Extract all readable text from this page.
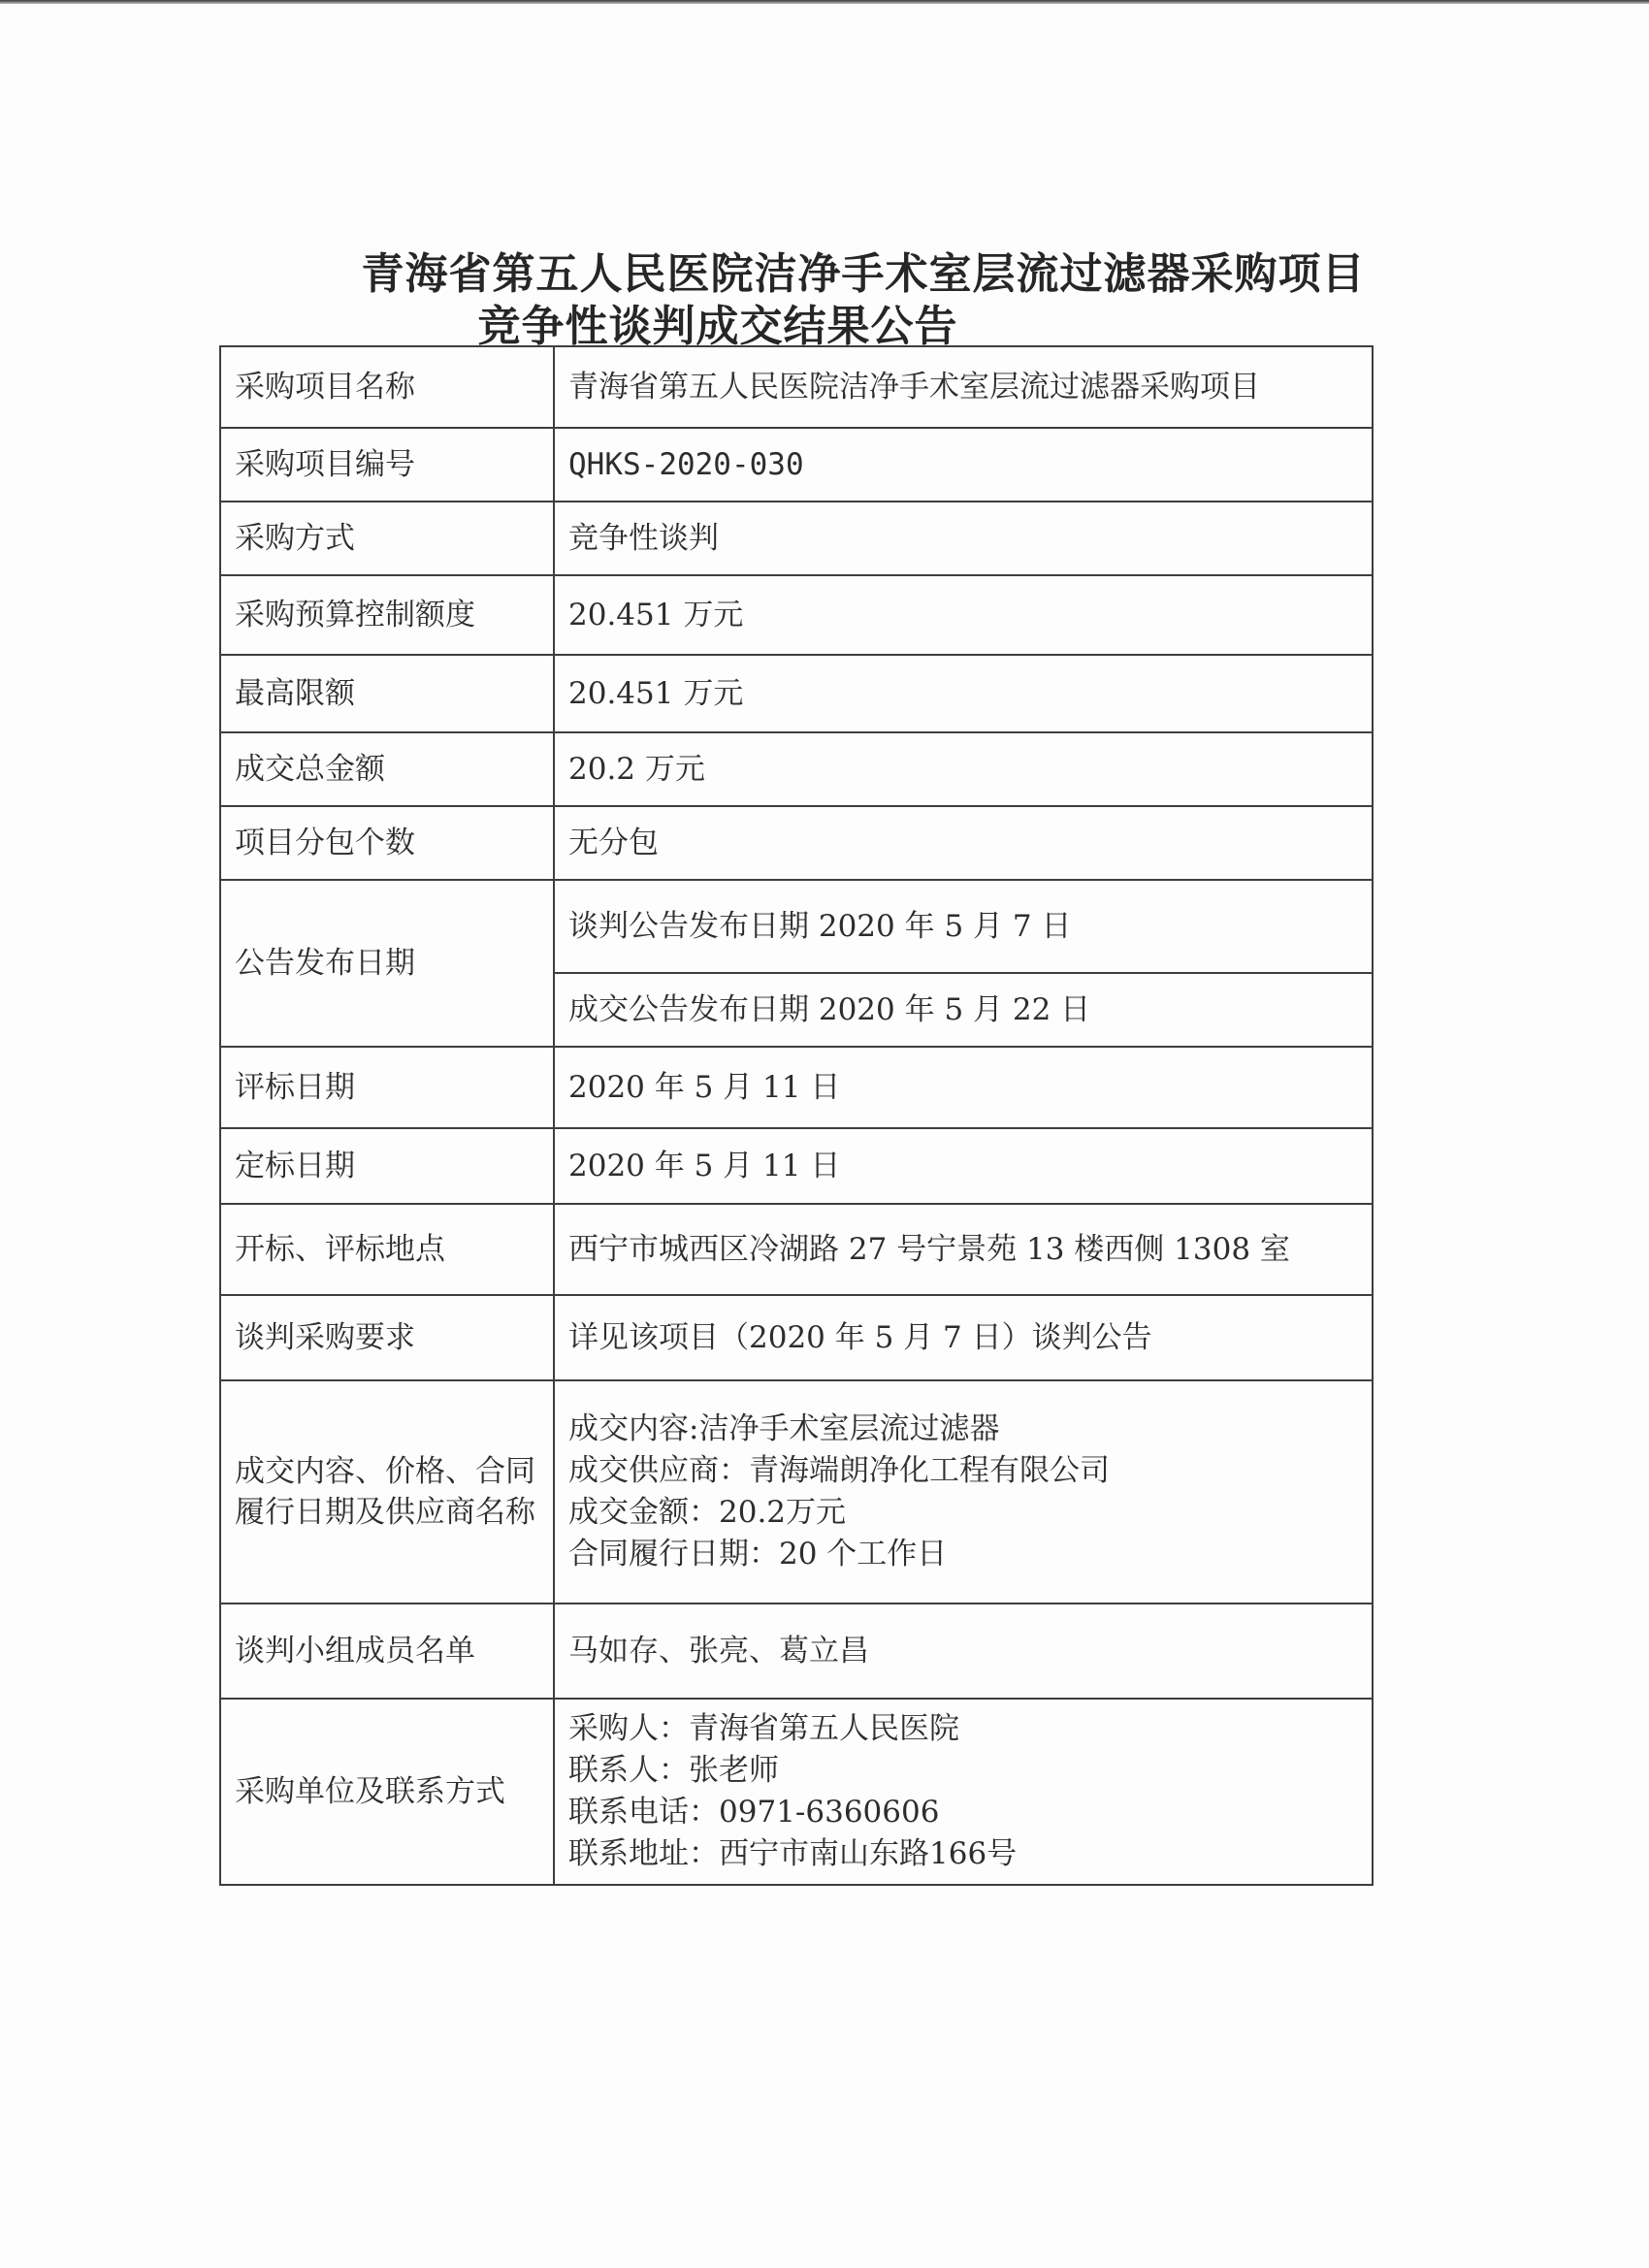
青海省第五人民医院洁净手术室层流过滤器采购项目
竞争性谈判成交结果公告
采购项目名称	青海省第五人民医院洁净手术室层流过滤器采购项目
采购项目编号	QHKS-2020-030
采购方式	竞争性谈判
采购预算控制额度	20.451 万元
最高限额	20.451 万元
成交总金额	20.2 万元
项目分包个数	无分包
公告发布日期	谈判公告发布日期 2020 年 5 月 7 日
	成交公告发布日期 2020 年 5 月 22 日
评标日期	2020 年 5 月 11 日
定标日期	2020 年 5 月 11 日
开标、评标地点	西宁市城西区冷湖路 27 号宁景苑 13 楼西侧 1308 室
谈判采购要求	详见该项目（2020 年 5 月 7 日）谈判公告
成交内容、价格、合同履行日期及供应商名称	成交内容:洁净手术室层流过滤器
成交供应商：青海端朗净化工程有限公司
成交金额：20.2万元
合同履行日期：20 个工作日

谈判小组成员名单	马如存、张亮、葛立昌
采购单位及联系方式	采购人：青海省第五人民医院
联系人：张老师
联系电话：0971-6360606
联系地址：西宁市南山东路166号
